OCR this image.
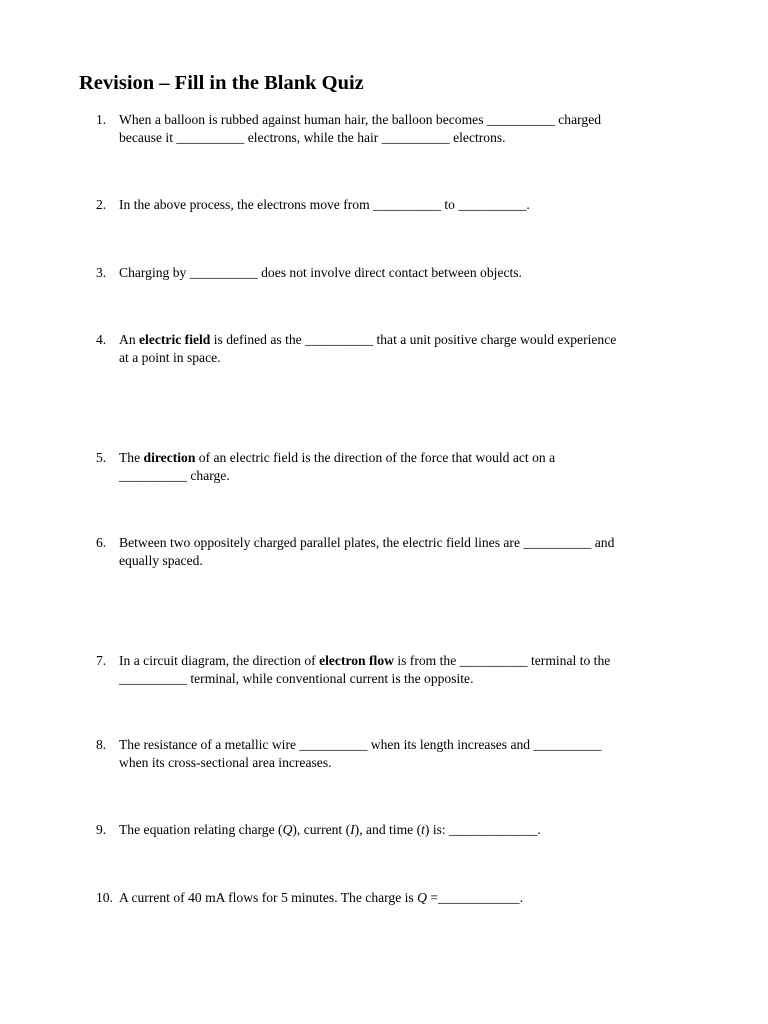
Revision – Fill in the Blank Quiz
1. When a balloon is rubbed against human hair, the balloon becomes __________ charged
because it __________ electrons, while the hair __________ electrons.
2. In the above process, the electrons move from __________ to __________.
3. Charging by __________ does not involve direct contact between objects.
4. An electric field is defined as the __________ that a unit positive charge would experience
at a point in space.
5. The direction of an electric field is the direction of the force that would act on a
__________ charge.
6. Between two oppositely charged parallel plates, the electric field lines are __________ and
equally spaced.
7. In a circuit diagram, the direction of electron flow is from the __________ terminal to the
__________ terminal, while conventional current is the opposite.
8. The resistance of a metallic wire __________ when its length increases and __________
when its cross-sectional area increases.
9. The equation relating charge (Q), current (I), and time (t) is: _____________.
10. A current of 40 mA flows for 5 minutes. The charge is Q =____________.
